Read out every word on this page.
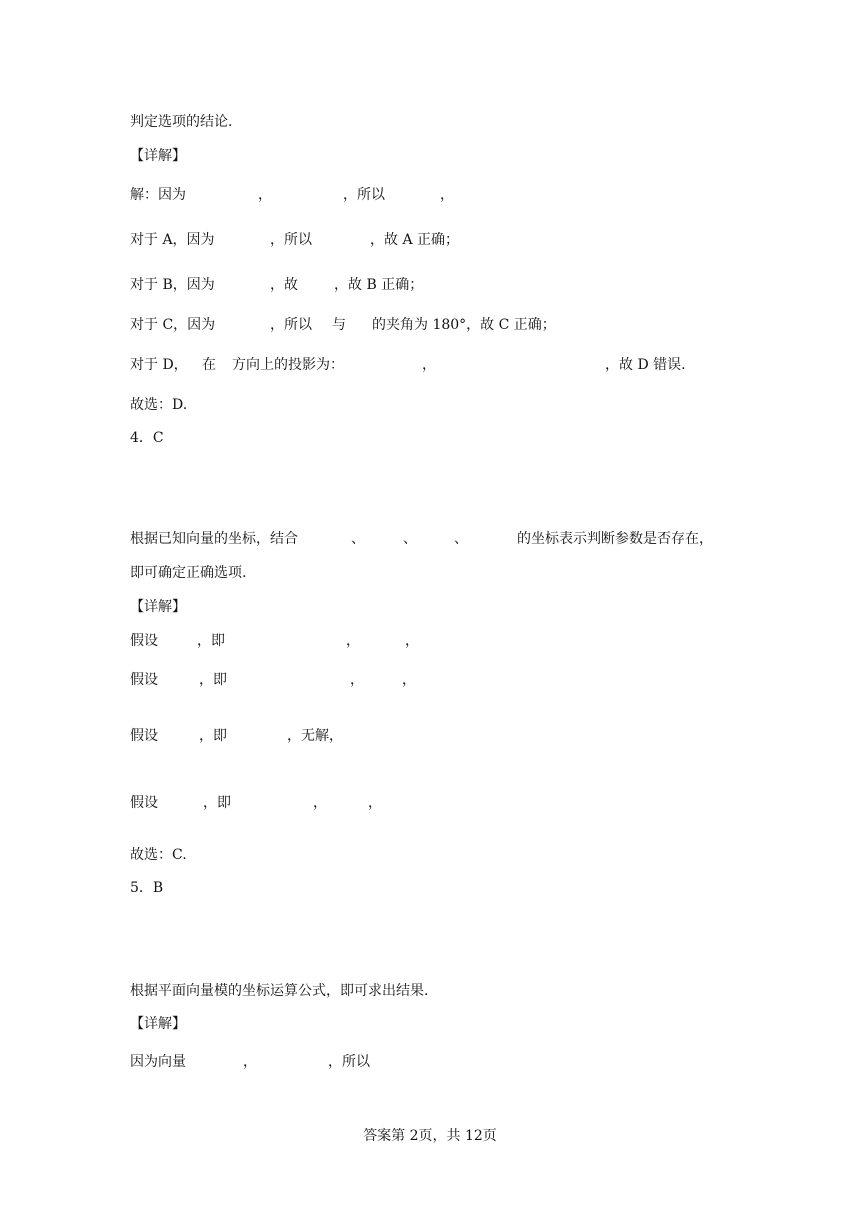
判定选项的结论.
【详解】
解：因为	，	，所以	，
对于 A，因为	，所以	，故 A 正确；
对于 B，因为	，故	，故 B 正确；
对于 C，因为	，所以 与 的夹角为 180°，故 C 正确；
对于 D， 在 方向上的投影为：	，	，故 D 错误.
故选：D.
4．C
根据已知向量的坐标，结合	、	、	、	的坐标表示判断参数是否存在，
即可确定正确选项.
【详解】
假设	，即	，	，
假设	，即	，	，
假设	，即	，无解，
假设	，即	，	，
故选：C.
5．B
根据平面向量模的坐标运算公式，即可求出结果.
【详解】
因为向量	，	，所以
答案第 2页，共 12页
